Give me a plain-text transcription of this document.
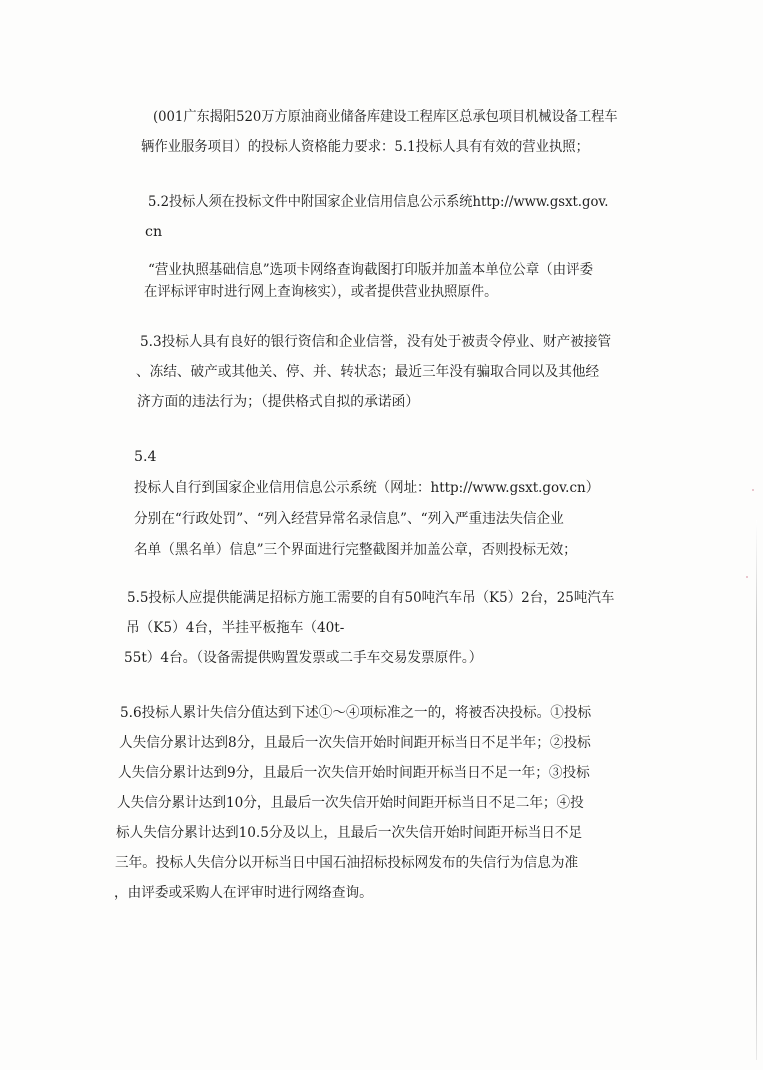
(001广东揭阳520万方原油商业储备库建设工程库区总承包项目机械设备工程车
辆作业服务项目）的投标人资格能力要求：5.1投标人具有有效的营业执照；
5.2投标人须在投标文件中附国家企业信用信息公示系统http://www.gsxt.gov.
cn
“营业执照基础信息”选项卡网络查询截图打印版并加盖本单位公章（由评委
在评标评审时进行网上查询核实），或者提供营业执照原件。
5.3投标人具有良好的银行资信和企业信誉，没有处于被责令停业、财产被接管
、冻结、破产或其他关、停、并、转状态；最近三年没有骗取合同以及其他经
济方面的违法行为；（提供格式自拟的承诺函）
5.4
投标人自行到国家企业信用信息公示系统（网址：http://www.gsxt.gov.cn）
分别在“行政处罚”、“列入经营异常名录信息”、“列入严重违法失信企业
名单（黑名单）信息”三个界面进行完整截图并加盖公章，否则投标无效；
5.5投标人应提供能满足招标方施工需要的自有50吨汽车吊（K5）2台，25吨汽车
吊（K5）4台，半挂平板拖车（40t-
55t）4台。（设备需提供购置发票或二手车交易发票原件。）
5.6投标人累计失信分值达到下述①～④项标准之一的，将被否决投标。①投标
人失信分累计达到8分，且最后一次失信开始时间距开标当日不足半年；②投标
人失信分累计达到9分，且最后一次失信开始时间距开标当日不足一年；③投标
人失信分累计达到10分，且最后一次失信开始时间距开标当日不足二年；④投
标人失信分累计达到10.5分及以上，且最后一次失信开始时间距开标当日不足
三年。投标人失信分以开标当日中国石油招标投标网发布的失信行为信息为准
，由评委或采购人在评审时进行网络查询。
